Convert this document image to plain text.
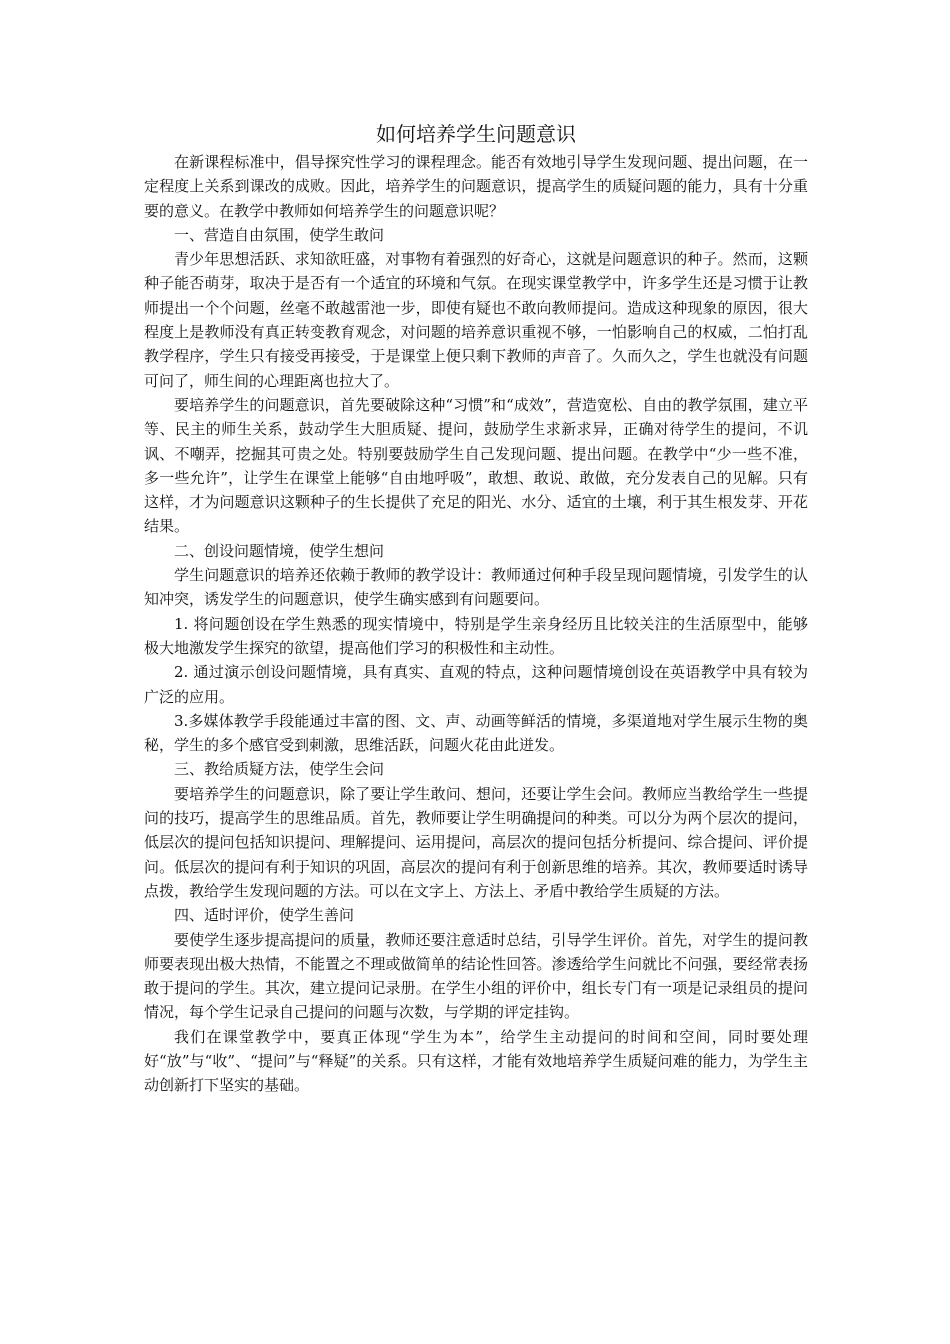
如何培养学生问题意识

在新课程标准中，倡导探究性学习的课程理念。能否有效地引导学生发现问题、提出问题，在一定程度上关系到课改的成败。因此，培养学生的问题意识，提高学生的质疑问题的能力，具有十分重要的意义。在教学中教师如何培养学生的问题意识呢？

一、营造自由氛围，使学生敢问

青少年思想活跃、求知欲旺盛，对事物有着强烈的好奇心，这就是问题意识的种子。然而，这颗种子能否萌芽，取决于是否有一个适宜的环境和气氛。在现实课堂教学中，许多学生还是习惯于让教师提出一个个问题，丝毫不敢越雷池一步，即使有疑也不敢向教师提问。造成这种现象的原因，很大程度上是教师没有真正转变教育观念，对问题的培养意识重视不够，一怕影响自己的权威，二怕打乱教学程序，学生只有接受再接受，于是课堂上便只剩下教师的声音了。久而久之，学生也就没有问题可问了，师生间的心理距离也拉大了。

要培养学生的问题意识，首先要破除这种“习惯”和“成效”，营造宽松、自由的教学氛围，建立平等、民主的师生关系，鼓动学生大胆质疑、提问，鼓励学生求新求异，正确对待学生的提问，不讥讽、不嘲弄，挖掘其可贵之处。特别要鼓励学生自己发现问题、提出问题。在教学中“少一些不准，多一些允许”，让学生在课堂上能够“自由地呼吸”，敢想、敢说、敢做，充分发表自己的见解。只有这样，才为问题意识这颗种子的生长提供了充足的阳光、水分、适宜的土壤，利于其生根发芽、开花结果。

二、创设问题情境，使学生想问

学生问题意识的培养还依赖于教师的教学设计：教师通过何种手段呈现问题情境，引发学生的认知冲突，诱发学生的问题意识，使学生确实感到有问题要问。

1. 将问题创设在学生熟悉的现实情境中，特别是学生亲身经历且比较关注的生活原型中，能够极大地激发学生探究的欲望，提高他们学习的积极性和主动性。

2. 通过演示创设问题情境，具有真实、直观的特点，这种问题情境创设在英语教学中具有较为广泛的应用。

3.多媒体教学手段能通过丰富的图、文、声、动画等鲜活的情境，多渠道地对学生展示生物的奥秘，学生的多个感官受到刺激，思维活跃，问题火花由此迸发。

三、教给质疑方法，使学生会问

要培养学生的问题意识，除了要让学生敢问、想问，还要让学生会问。教师应当教给学生一些提问的技巧，提高学生的思维品质。首先，教师要让学生明确提问的种类。可以分为两个层次的提问，低层次的提问包括知识提问、理解提问、运用提问，高层次的提问包括分析提问、综合提问、评价提问。低层次的提问有利于知识的巩固，高层次的提问有利于创新思维的培养。其次，教师要适时诱导点拨，教给学生发现问题的方法。可以在文字上、方法上、矛盾中教给学生质疑的方法。

四、适时评价，使学生善问

要使学生逐步提高提问的质量，教师还要注意适时总结，引导学生评价。首先，对学生的提问教师要表现出极大热情，不能置之不理或做简单的结论性回答。渗透给学生问就比不问强，要经常表扬敢于提问的学生。其次，建立提问记录册。在学生小组的评价中，组长专门有一项是记录组员的提问情况，每个学生记录自己提问的问题与次数，与学期的评定挂钩。

我们在课堂教学中，要真正体现“学生为本”，给学生主动提问的时间和空间，同时要处理好“放”与“收”、“提问”与“释疑”的关系。只有这样，才能有效地培养学生质疑问难的能力，为学生主动创新打下坚实的基础。
